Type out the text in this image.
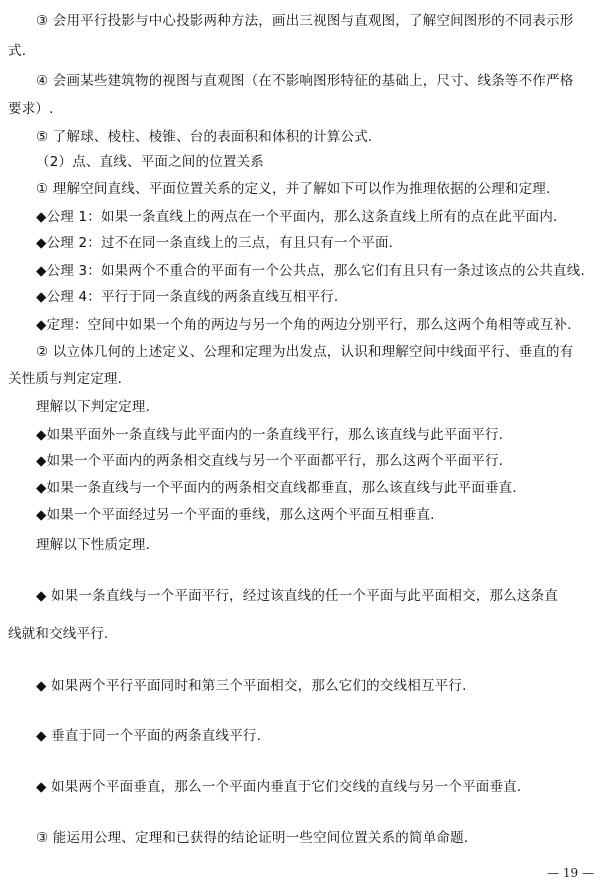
③ 会用平行投影与中心投影两种方法，画出三视图与直观图，了解空间图形的不同表示形
式.
④ 会画某些建筑物的视图与直观图（在不影响图形特征的基础上，尺寸、线条等不作严格
要求）.
⑤ 了解球、棱柱、棱锥、台的表面积和体积的计算公式.
（2）点、直线、平面之间的位置关系
① 理解空间直线、平面位置关系的定义，并了解如下可以作为推理依据的公理和定理.
◆公理 1：如果一条直线上的两点在一个平面内，那么这条直线上所有的点在此平面内.
◆公理 2：过不在同一条直线上的三点，有且只有一个平面.
◆公理 3：如果两个不重合的平面有一个公共点，那么它们有且只有一条过该点的公共直线.
◆公理 4：平行于同一条直线的两条直线互相平行.
◆定理：空间中如果一个角的两边与另一个角的两边分别平行，那么这两个角相等或互补.
② 以立体几何的上述定义、公理和定理为出发点，认识和理解空间中线面平行、垂直的有
关性质与判定定理.
理解以下判定定理.
◆如果平面外一条直线与此平面内的一条直线平行，那么该直线与此平面平行.
◆如果一个平面内的两条相交直线与另一个平面都平行，那么这两个平面平行.
◆如果一条直线与一个平面内的两条相交直线都垂直，那么该直线与此平面垂直.
◆如果一个平面经过另一个平面的垂线，那么这两个平面互相垂直.
理解以下性质定理.
◆ 如果一条直线与一个平面平行，经过该直线的任一个平面与此平面相交，那么这条直
线就和交线平行.
◆ 如果两个平行平面同时和第三个平面相交，那么它们的交线相互平行.
◆ 垂直于同一个平面的两条直线平行.
◆ 如果两个平面垂直，那么一个平面内垂直于它们交线的直线与另一个平面垂直.
③ 能运用公理、定理和已获得的结论证明一些空间位置关系的简单命题.
— 19 —
